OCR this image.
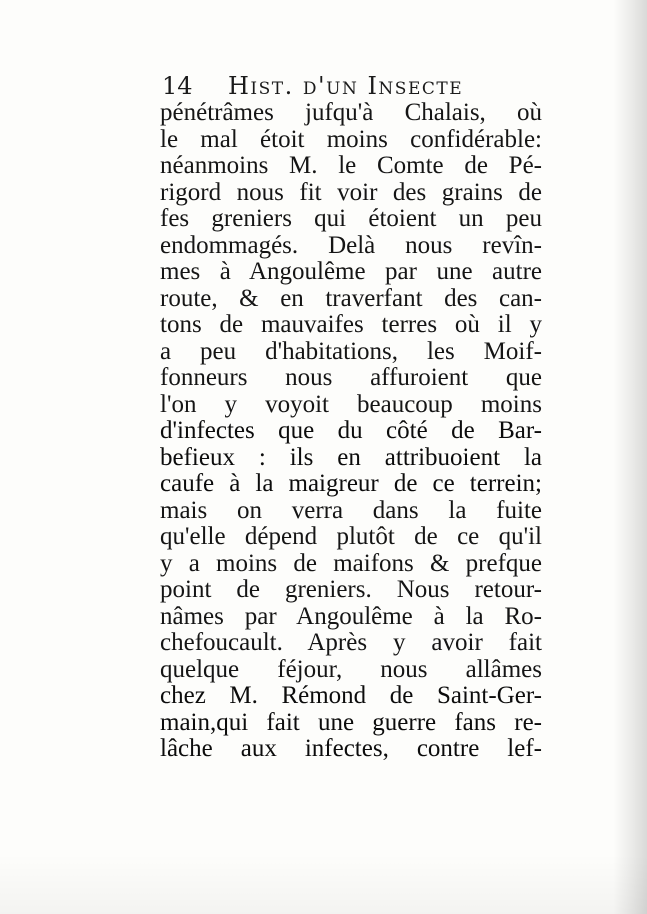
14 Hist. d'un Insecte
pénétrâmes jufqu'à Chalais, où
le mal étoit moins confidérable:
néanmoins M. le Comte de Pé-
rigord nous fit voir des grains de
fes greniers qui étoient un peu
endommagés. Delà nous revîn-
mes à Angoulême par une autre
route, & en traverfant des can-
tons de mauvaifes terres où il y
a peu d'habitations, les Moif-
fonneurs nous affuroient que
l'on y voyoit beaucoup moins
d'infectes que du côté de Bar-
befieux : ils en attribuoient la
caufe à la maigreur de ce terrein;
mais on verra dans la fuite
qu'elle dépend plutôt de ce qu'il
y a moins de maifons & prefque
point de greniers. Nous retour-
nâmes par Angoulême à la Ro-
chefoucault. Après y avoir fait
quelque féjour, nous allâmes
chez M. Rémond de Saint-Ger-
main,qui fait une guerre fans re-
lâche aux infectes, contre lef-
